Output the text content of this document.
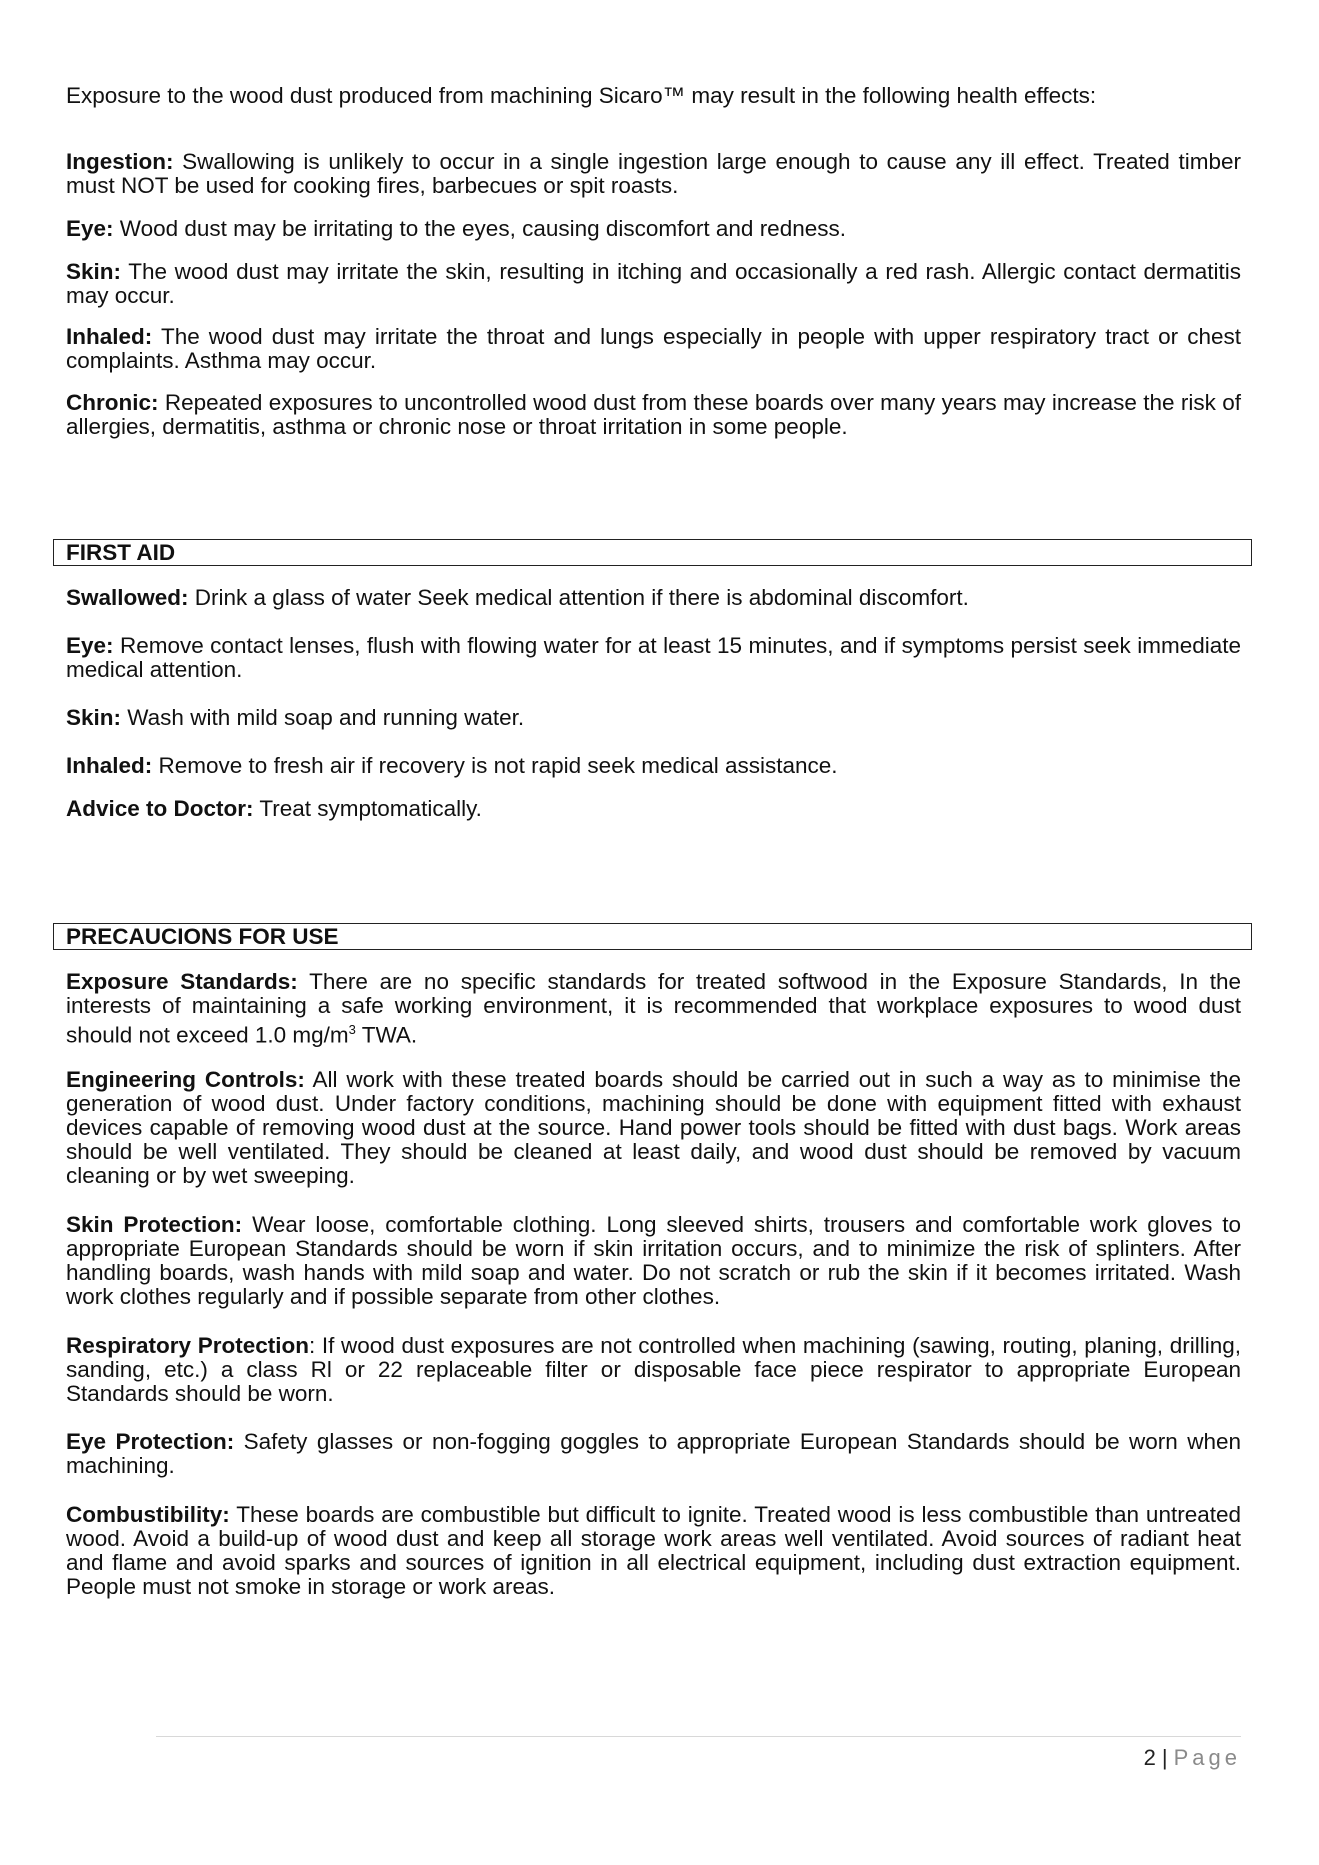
Exposure to the wood dust produced from machining Sicaro™ may result in the following health effects:

Ingestion: Swallowing is unlikely to occur in a single ingestion large enough to cause any ill effect. Treated timber must NOT be used for cooking fires, barbecues or spit roasts.

Eye: Wood dust may be irritating to the eyes, causing discomfort and redness.

Skin: The wood dust may irritate the skin, resulting in itching and occasionally a red rash. Allergic contact dermatitis may occur.

Inhaled: The wood dust may irritate the throat and lungs especially in people with upper respiratory tract or chest complaints. Asthma may occur.

Chronic: Repeated exposures to uncontrolled wood dust from these boards over many years may increase the risk of allergies, dermatitis, asthma or chronic nose or throat irritation in some people.

FIRST AID

Swallowed: Drink a glass of water Seek medical attention if there is abdominal discomfort.

Eye: Remove contact lenses, flush with flowing water for at least 15 minutes, and if symptoms persist seek immediate medical attention.

Skin: Wash with mild soap and running water.

Inhaled: Remove to fresh air if recovery is not rapid seek medical assistance.

Advice to Doctor: Treat symptomatically.

PRECAUCIONS FOR USE

Exposure Standards: There are no specific standards for treated softwood in the Exposure Standards, In the interests of maintaining a safe working environment, it is recommended that workplace exposures to wood dust should not exceed 1.0 $mg/m^3$ TWA.

Engineering Controls: All work with these treated boards should be carried out in such a way as to minimise the generation of wood dust. Under factory conditions, machining should be done with equipment fitted with exhaust devices capable of removing wood dust at the source. Hand power tools should be fitted with dust bags. Work areas should be well ventilated. They should be cleaned at least daily, and wood dust should be removed by vacuum cleaning or by wet sweeping.

Skin Protection: Wear loose, comfortable clothing. Long sleeved shirts, trousers and comfortable work gloves to appropriate European Standards should be worn if skin irritation occurs, and to minimize the risk of splinters. After handling boards, wash hands with mild soap and water. Do not scratch or rub the skin if it becomes irritated. Wash work clothes regularly and if possible separate from other clothes.

Respiratory Protection: If wood dust exposures are not controlled when machining (sawing, routing, planing, drilling, sanding, etc.) a class Rl or 22 replaceable filter or disposable face piece respirator to appropriate European Standards should be worn.

Eye Protection: Safety glasses or non-fogging goggles to appropriate European Standards should be worn when machining.

Combustibility: These boards are combustible but difficult to ignite. Treated wood is less combustible than untreated wood. Avoid a build-up of wood dust and keep all storage work areas well ventilated. Avoid sources of radiant heat and flame and avoid sparks and sources of ignition in all electrical equipment, including dust extraction equipment. People must not smoke in storage or work areas.

2 | Page
